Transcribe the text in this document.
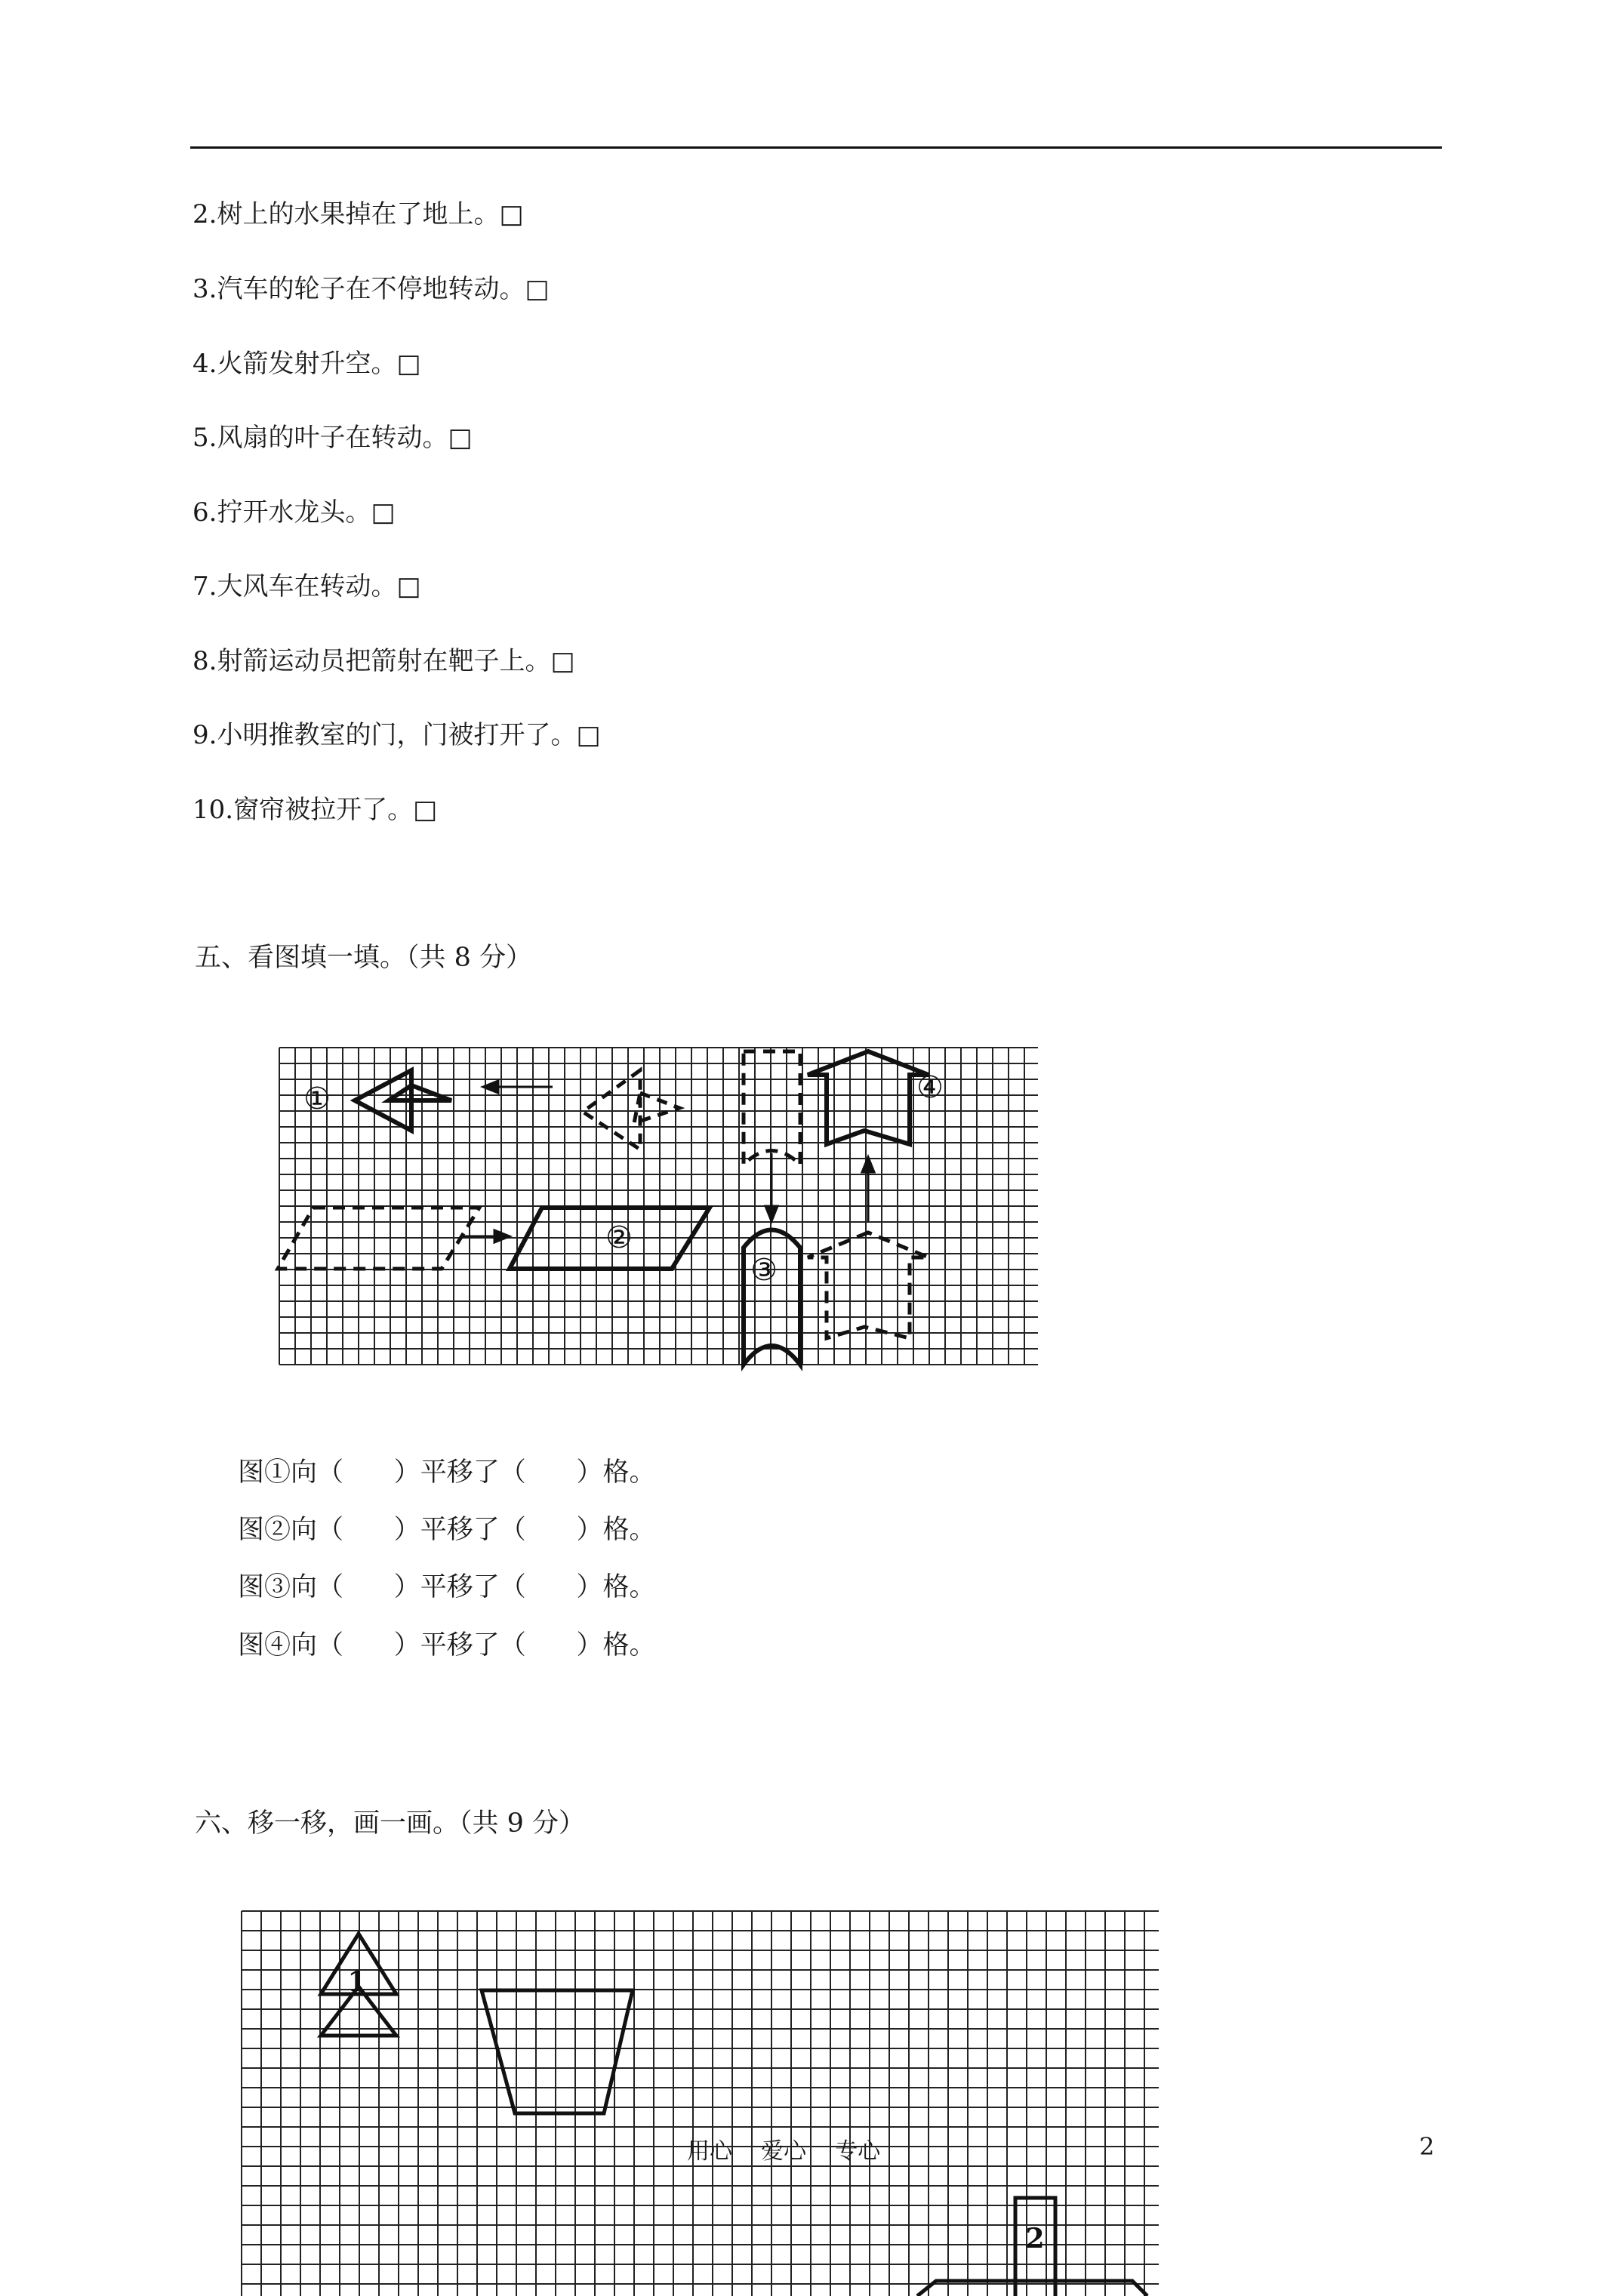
2.树上的水果掉在了地上。□
3.汽车的轮子在不停地转动。□
4.火箭发射升空。□
5.风扇的叶子在转动。□
6.拧开水龙头。□
7.大风车在转动。□
8.射箭运动员把箭射在靶子上。□
9.小明推教室的门，门被打开了。□
10.窗帘被拉开了。□
五、看图填一填。（共 8 分）
①
②
③
④
图①向（      ）平移了（      ）格。
图②向（      ）平移了（      ）格。
图③向（      ）平移了（      ）格。
图④向（      ）平移了（      ）格。
六、移一移，画一画。（共 9 分）
1
2
用心    爱心    专心	2
